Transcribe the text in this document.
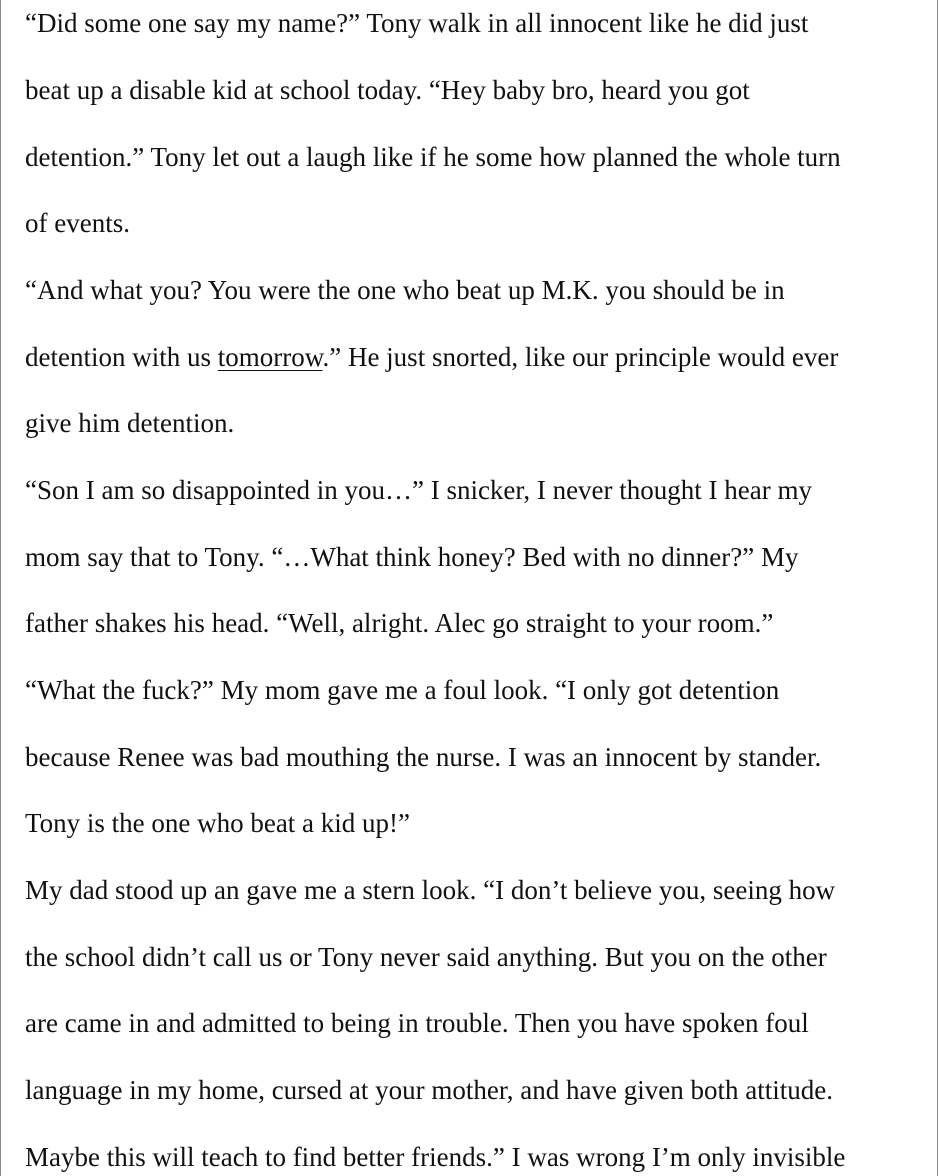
“Did some one say my name?” Tony walk in all innocent like he did just
beat up a disable kid at school today. “Hey baby bro, heard you got
detention.” Tony let out a laugh like if he some how planned the whole turn
of events.
“And what you? You were the one who beat up M.K. you should be in
detention with us tomorrow.” He just snorted, like our principle would ever
give him detention.
“Son I am so disappointed in you…” I snicker, I never thought I hear my
mom say that to Tony. “…What think honey? Bed with no dinner?” My
father shakes his head. “Well, alright. Alec go straight to your room.”
“What the fuck?” My mom gave me a foul look. “I only got detention
because Renee was bad mouthing the nurse. I was an innocent by stander.
Tony is the one who beat a kid up!”
My dad stood up an gave me a stern look. “I don’t believe you, seeing how
the school didn’t call us or Tony never said anything. But you on the other
are came in and admitted to being in trouble. Then you have spoken foul
language in my home, cursed at your mother, and have given both attitude.
Maybe this will teach to find better friends.” I was wrong I’m only invisible
